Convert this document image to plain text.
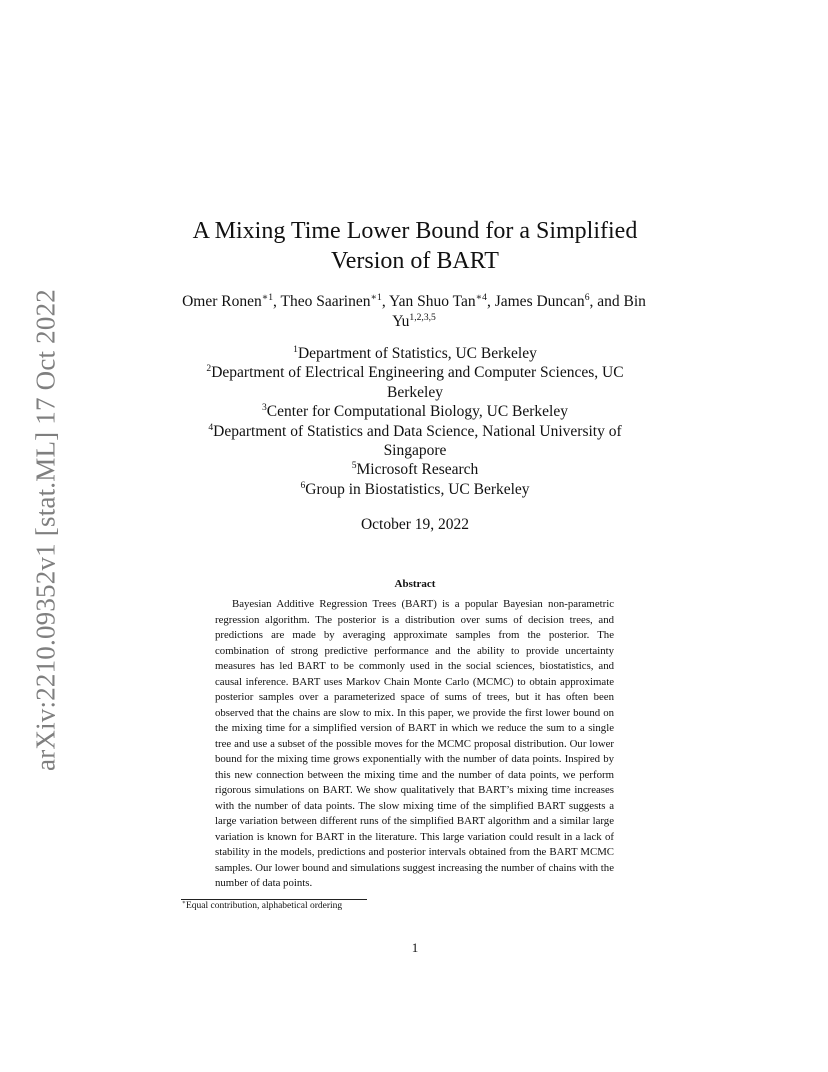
arXiv:2210.09352v1 [stat.ML] 17 Oct 2022
A Mixing Time Lower Bound for a Simplified Version of BART
Omer Ronen$^{∗1}$, Theo Saarinen$^{∗1}$, Yan Shuo Tan$^{∗4}$, James Duncan$^6$, and Bin Yu$^{1,2,3,5}$
$^1$Department of Statistics, UC Berkeley
$^2$Department of Electrical Engineering and Computer Sciences, UC Berkeley
$^3$Center for Computational Biology, UC Berkeley
$^4$Department of Statistics and Data Science, National University of Singapore
$^5$Microsoft Research
$^6$Group in Biostatistics, UC Berkeley
October 19, 2022
Abstract

Bayesian Additive Regression Trees (BART) is a popular Bayesian non-parametric regression algorithm. The posterior is a distribution over sums of decision trees, and predictions are made by averaging approximate samples from the posterior. The combination of strong predictive performance and the ability to provide uncertainty measures has led BART to be commonly used in the social sciences, biostatistics, and causal inference. BART uses Markov Chain Monte Carlo (MCMC) to obtain approximate posterior samples over a parameterized space of sums of trees, but it has often been observed that the chains are slow to mix. In this paper, we provide the first lower bound on the mixing time for a simplified version of BART in which we reduce the sum to a single tree and use a subset of the possible moves for the MCMC proposal distribution. Our lower bound for the mixing time grows exponentially with the number of data points. Inspired by this new connection between the mixing time and the number of data points, we perform rigorous simulations on BART. We show qualitatively that BART’s mixing time increases with the number of data points. The slow mixing time of the simplified BART suggests a large variation between different runs of the simplified BART algorithm and a similar large variation is known for BART in the literature. This large variation could result in a lack of stability in the models, predictions and posterior intervals obtained from the BART MCMC samples. Our lower bound and simulations suggest increasing the number of chains with the number of data points.

∗Equal contribution, alphabetical ordering
1
